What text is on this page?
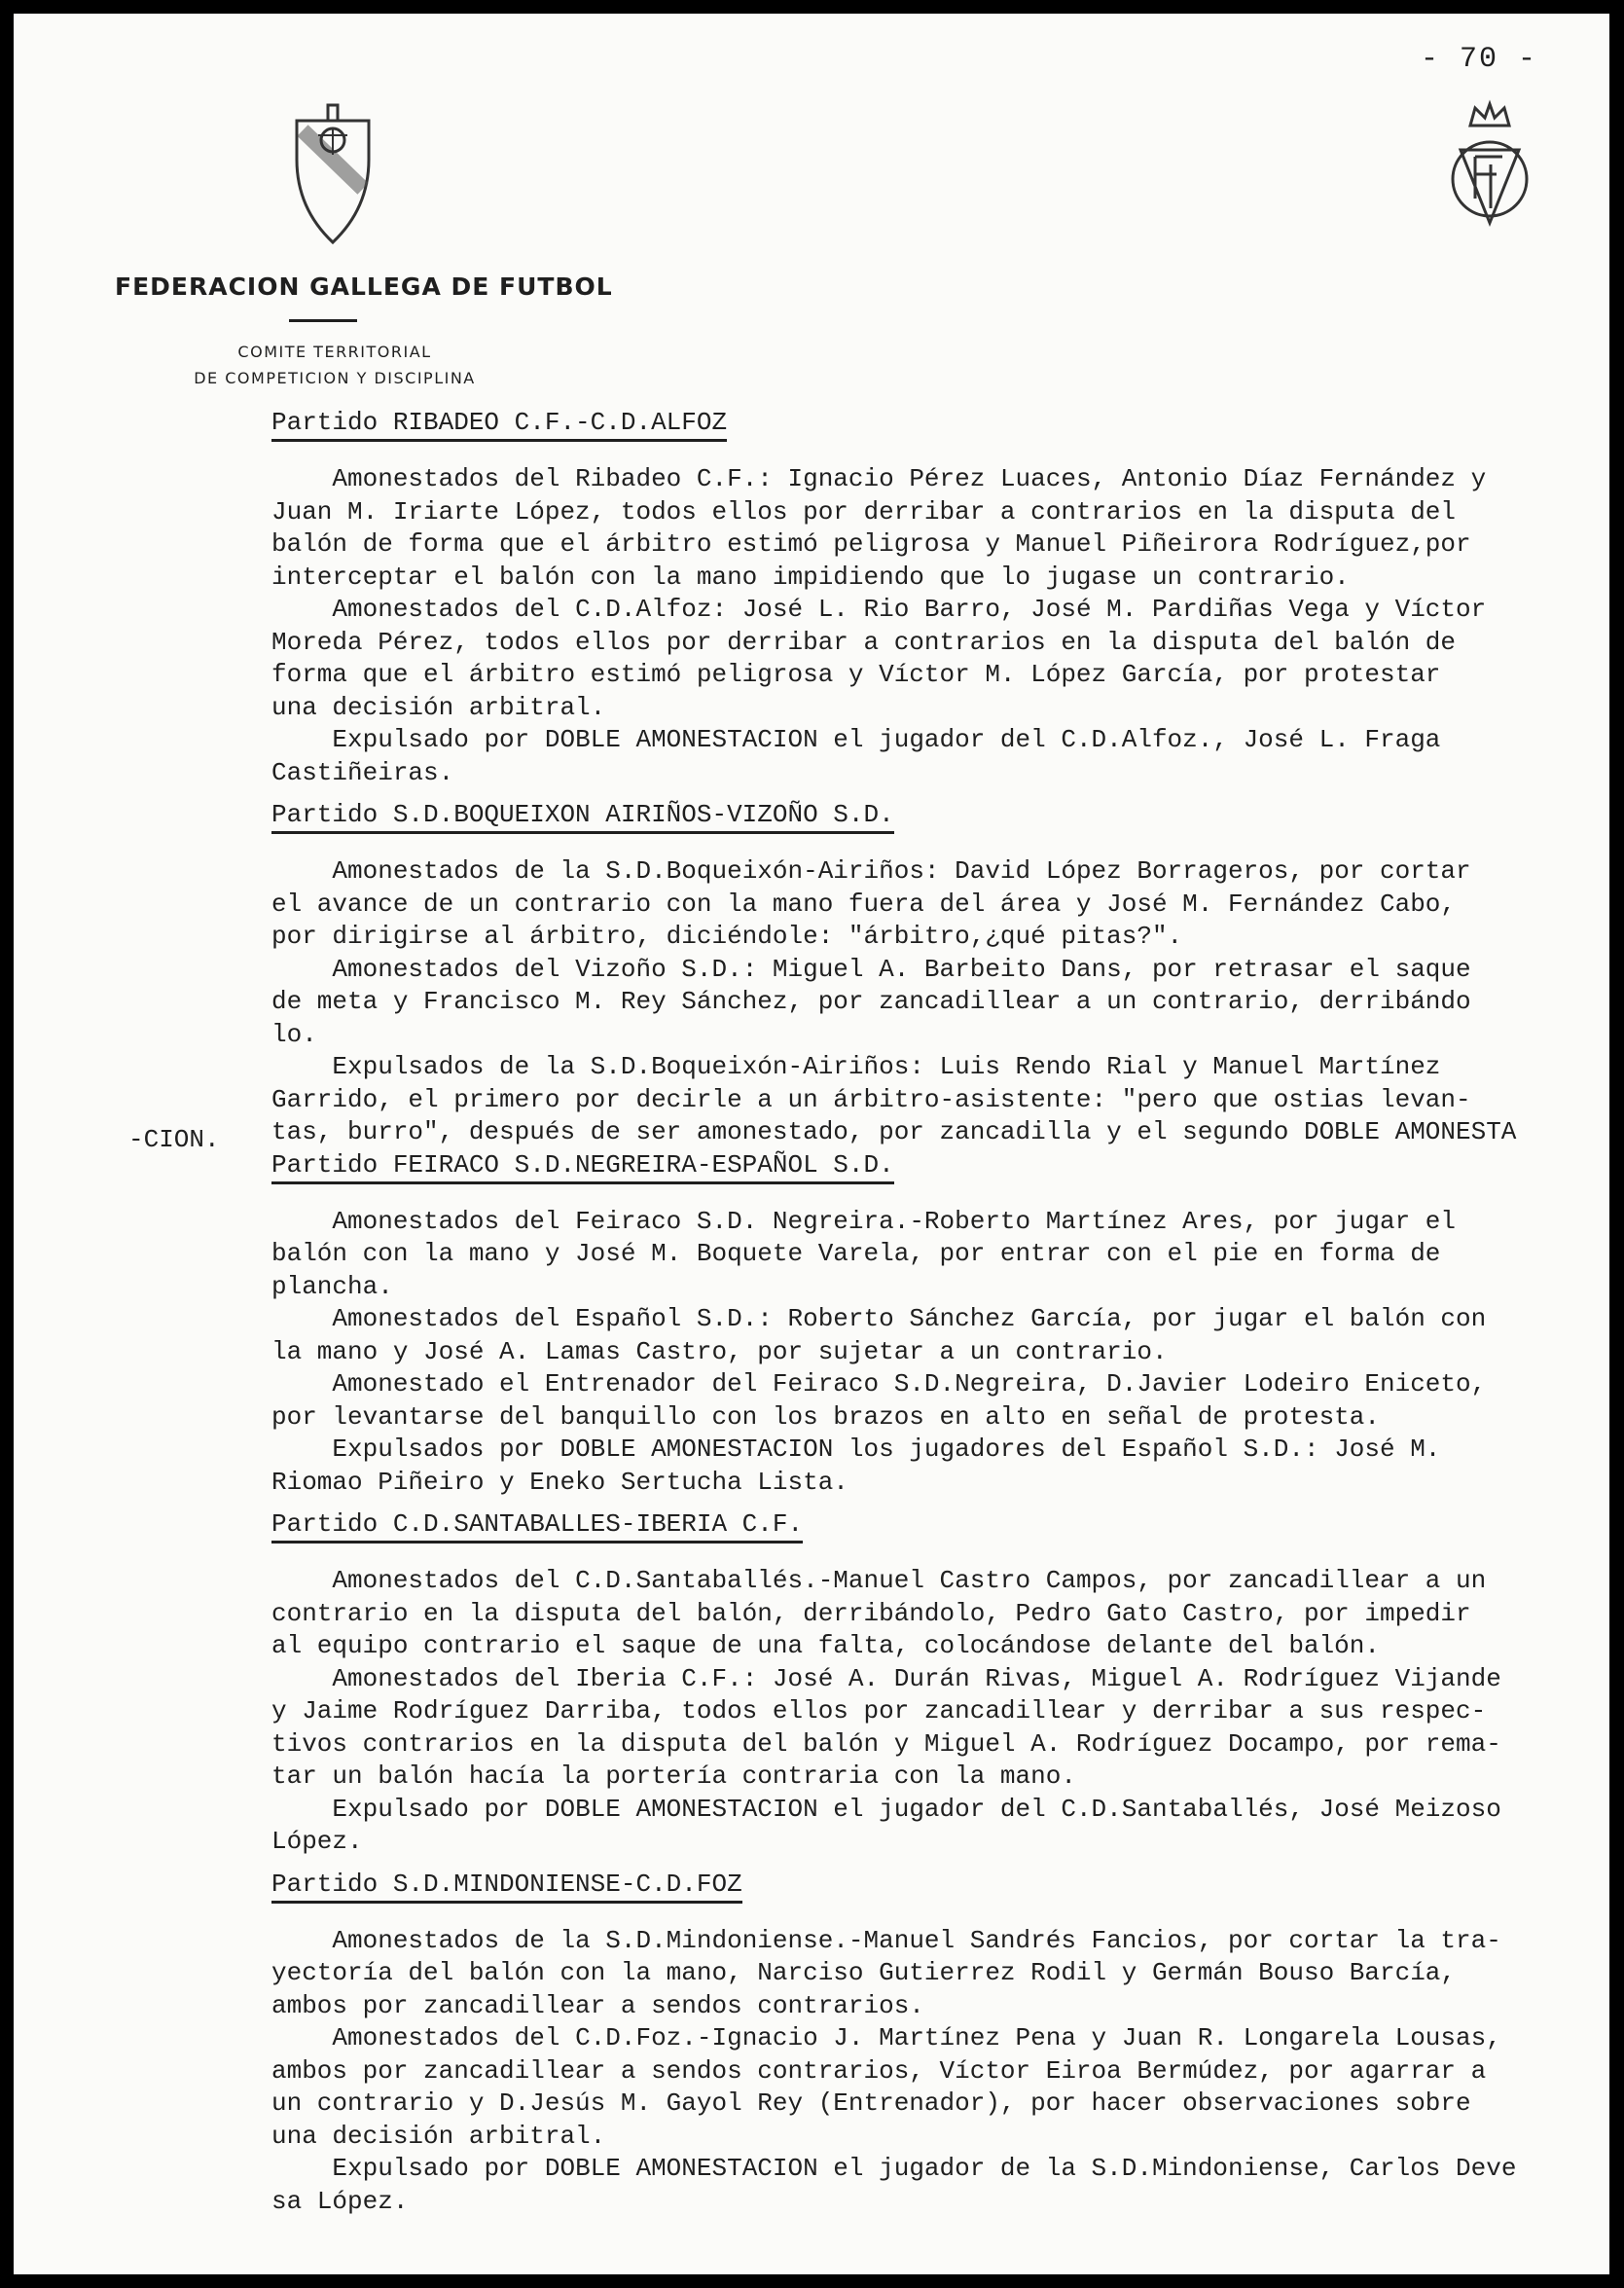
- 70 -
FEDERACION GALLEGA DE FUTBOL
COMITE TERRITORIAL
DE COMPETICION Y DISCIPLINA
-CION.
Partido RIBADEO C.F.-C.D.ALFOZ

Amonestados del Ribadeo C.F.: Ignacio Pérez Luaces, Antonio Díaz Fernández y
Juan M. Iriarte López, todos ellos por derribar a contrarios en la disputa del
balón de forma que el árbitro estimó peligrosa y Manuel Piñeirora Rodríguez,por
interceptar el balón con la mano impidiendo que lo jugase un contrario.
Amonestados del C.D.Alfoz: José L. Rio Barro, José M. Pardiñas Vega y Víctor
Moreda Pérez, todos ellos por derribar a contrarios en la disputa del balón de
forma que el árbitro estimó peligrosa y Víctor M. López García, por protestar
una decisión arbitral.
Expulsado por DOBLE AMONESTACION el jugador del C.D.Alfoz., José L. Fraga
Castiñeiras.

Partido S.D.BOQUEIXON AIRIÑOS-VIZOÑO S.D.

Amonestados de la S.D.Boqueixón-Airiños: David López Borrageros, por cortar
el avance de un contrario con la mano fuera del área y José M. Fernández Cabo,
por dirigirse al árbitro, diciéndole: "árbitro,¿qué pitas?".
Amonestados del Vizoño S.D.: Miguel A. Barbeito Dans, por retrasar el saque
de meta y Francisco M. Rey Sánchez, por zancadillear a un contrario, derribándo
lo.
Expulsados de la S.D.Boqueixón-Airiños: Luis Rendo Rial y Manuel Martínez
Garrido, el primero por decirle a un árbitro-asistente: "pero que ostias levan-
tas, burro", después de ser amonestado, por zancadilla y el segundo DOBLE AMONESTA

Partido FEIRACO S.D.NEGREIRA-ESPAÑOL S.D.

Amonestados del Feiraco S.D. Negreira.-Roberto Martínez Ares, por jugar el
balón con la mano y José M. Boquete Varela, por entrar con el pie en forma de
plancha.
Amonestados del Español S.D.: Roberto Sánchez García, por jugar el balón con
la mano y José A. Lamas Castro, por sujetar a un contrario.
Amonestado el Entrenador del Feiraco S.D.Negreira, D.Javier Lodeiro Eniceto,
por levantarse del banquillo con los brazos en alto en señal de protesta.
Expulsados por DOBLE AMONESTACION los jugadores del Español S.D.: José M.
Riomao Piñeiro y Eneko Sertucha Lista.

Partido C.D.SANTABALLES-IBERIA C.F.

Amonestados del C.D.Santaballés.-Manuel Castro Campos, por zancadillear a un
contrario en la disputa del balón, derribándolo, Pedro Gato Castro, por impedir
al equipo contrario el saque de una falta, colocándose delante del balón.
Amonestados del Iberia C.F.: José A. Durán Rivas, Miguel A. Rodríguez Vijande
y Jaime Rodríguez Darriba, todos ellos por zancadillear y derribar a sus respec-
tivos contrarios en la disputa del balón y Miguel A. Rodríguez Docampo, por rema-
tar un balón hacía la portería contraria con la mano.
Expulsado por DOBLE AMONESTACION el jugador del C.D.Santaballés, José Meizoso
López.

Partido S.D.MINDONIENSE-C.D.FOZ

Amonestados de la S.D.Mindoniense.-Manuel Sandrés Fancios, por cortar la tra-
yectoría del balón con la mano, Narciso Gutierrez Rodil y Germán Bouso Barcía,
ambos por zancadillear a sendos contrarios.
Amonestados del C.D.Foz.-Ignacio J. Martínez Pena y Juan R. Longarela Lousas,
ambos por zancadillear a sendos contrarios, Víctor Eiroa Bermúdez, por agarrar a
un contrario y D.Jesús M. Gayol Rey (Entrenador), por hacer observaciones sobre
una decisión arbitral.
Expulsado por DOBLE AMONESTACION el jugador de la S.D.Mindoniense, Carlos Deve
sa López.
